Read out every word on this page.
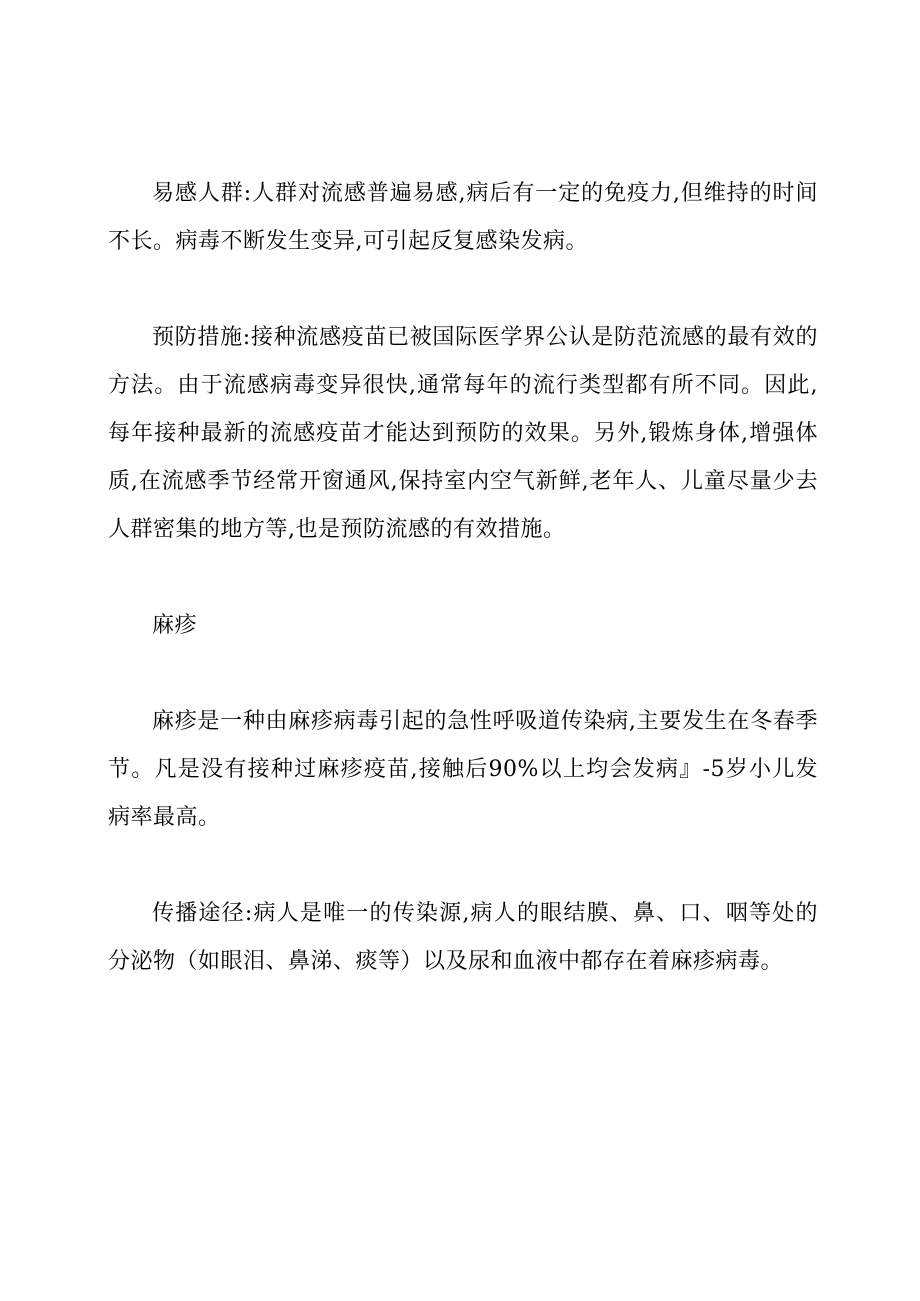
易感人群:人群对流感普遍易感,病后有一定的免疫力,但维持的时间不长。病毒不断发生变异,可引起反复感染发病。

预防措施:接种流感疫苗已被国际医学界公认是防范流感的最有效的方法。由于流感病毒变异很快,通常每年的流行类型都有所不同。因此,每年接种最新的流感疫苗才能达到预防的效果。另外,锻炼身体,增强体质,在流感季节经常开窗通风,保持室内空气新鲜,老年人、儿童尽量少去人群密集的地方等,也是预防流感的有效措施。

麻疹

麻疹是一种由麻疹病毒引起的急性呼吸道传染病,主要发生在冬春季节。凡是没有接种过麻疹疫苗,接触后90%以上均会发病』-5岁小儿发病率最高。

传播途径:病人是唯一的传染源,病人的眼结膜、鼻、口、咽等处的分泌物（如眼泪、鼻涕、痰等）以及尿和血液中都存在着麻疹病毒。
